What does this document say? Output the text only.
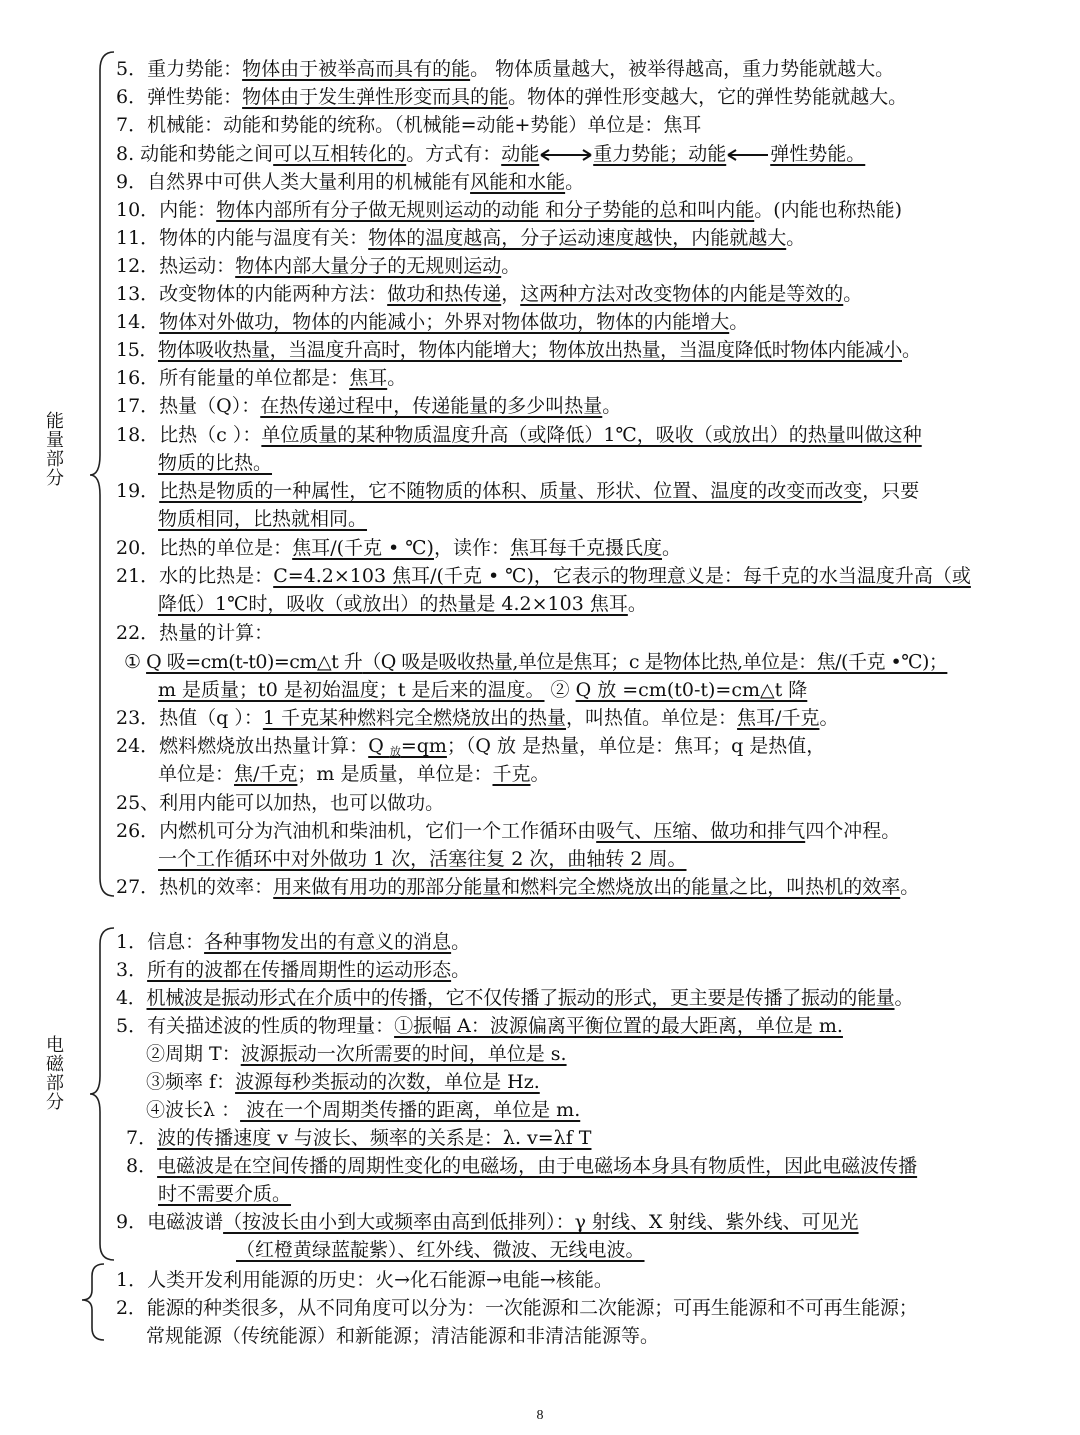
能
量
部
分
电
磁
部
分
5．重力势能：物体由于被举高而具有的能。 物体质量越大，被举得越高，重力势能就越大。
6．弹性势能：物体由于发生弹性形变而具的能。物体的弹性形变越大，它的弹性势能就越大。
7．机械能：动能和势能的统称。（机械能=动能+势能）单位是：焦耳
8. 动能和势能之间可以互相转化的。方式有：动能	重力势能；动能 弹性势能。
9．自然界中可供人类大量利用的机械能有风能和水能。
10．内能：物体内部所有分子做无规则运动的动能 和分子势能的总和叫内能。(内能也称热能)
11．物体的内能与温度有关：物体的温度越高，分子运动速度越快，内能就越大。
12．热运动：物体内部大量分子的无规则运动。
13．改变物体的内能两种方法：做功和热传递，这两种方法对改变物体的内能是等效的。
14．物体对外做功，物体的内能减小；外界对物体做功，物体的内能增大。
15．物体吸收热量，当温度升高时，物体内能增大；物体放出热量，当温度降低时物体内能减小。
16．所有能量的单位都是：焦耳。
17．热量（Q）：在热传递过程中，传递能量的多少叫热量。
18．比热（c ）：单位质量的某种物质温度升高（或降低）1℃，吸收（或放出）的热量叫做这种
物质的比热。
19．比热是物质的一种属性，它不随物质的体积、质量、形状、位置、温度的改变而改变，只要
物质相同，比热就相同。
20．比热的单位是：焦耳/(千克 • ℃)，读作：焦耳每千克摄氏度。
21．水的比热是：C=4.2×103 焦耳/(千克 • ℃)，它表示的物理意义是：每千克的水当温度升高（或
降低）1℃时，吸收（或放出）的热量是 4.2×103 焦耳。
22．热量的计算：
① Q 吸=cm(t-t0)=cm△t 升（Q 吸是吸收热量,单位是焦耳；c 是物体比热,单位是：焦/(千克 •℃)；
m 是质量；t0 是初始温度；t 是后来的温度。 ② Q 放 =cm(t0-t)=cm△t 降
23．热值（q ）：1 千克某种燃料完全燃烧放出的热量，叫热值。单位是：焦耳/千克。
24．燃料燃烧放出热量计算：Q $_放$=qm；（Q 放 是热量，单位是：焦耳；q 是热值，
单位是：焦/千克；m 是质量，单位是：千克。
25、利用内能可以加热，也可以做功。
26．内燃机可分为汽油机和柴油机，它们一个工作循环由吸气、压缩、做功和排气四个冲程。
一个工作循环中对外做功 1 次，活塞往复 2 次，曲轴转 2 周。
27．热机的效率：用来做有用功的那部分能量和燃料完全燃烧放出的能量之比，叫热机的效率。
1．信息：各种事物发出的有意义的消息。
3．所有的波都在传播周期性的运动形态。
4．机械波是振动形式在介质中的传播，它不仅传播了振动的形式，更主要是传播了振动的能量。
5．有关描述波的性质的物理量：①振幅 A：波源偏离平衡位置的最大距离，单位是 m.
②周期 T：波源振动一次所需要的时间，单位是 s.
③频率 f：波源每秒类振动的次数，单位是 Hz.
④波长λ ： 波在一个周期类传播的距离，单位是 m.
7．波的传播速度 v 与波长、频率的关系是：λ. v=λf T
8．电磁波是在空间传播的周期性变化的电磁场，由于电磁场本身具有物质性，因此电磁波传播
时不需要介质。
9．电磁波谱（按波长由小到大或频率由高到低排列）：γ 射线、X 射线、紫外线、可见光
（红橙黄绿蓝靛紫）、红外线、微波、无线电波。
1．人类开发利用能源的历史：火→化石能源→电能→核能。
2．能源的种类很多，从不同角度可以分为：一次能源和二次能源；可再生能源和不可再生能源；
常规能源（传统能源）和新能源；清洁能源和非清洁能源等。
8
